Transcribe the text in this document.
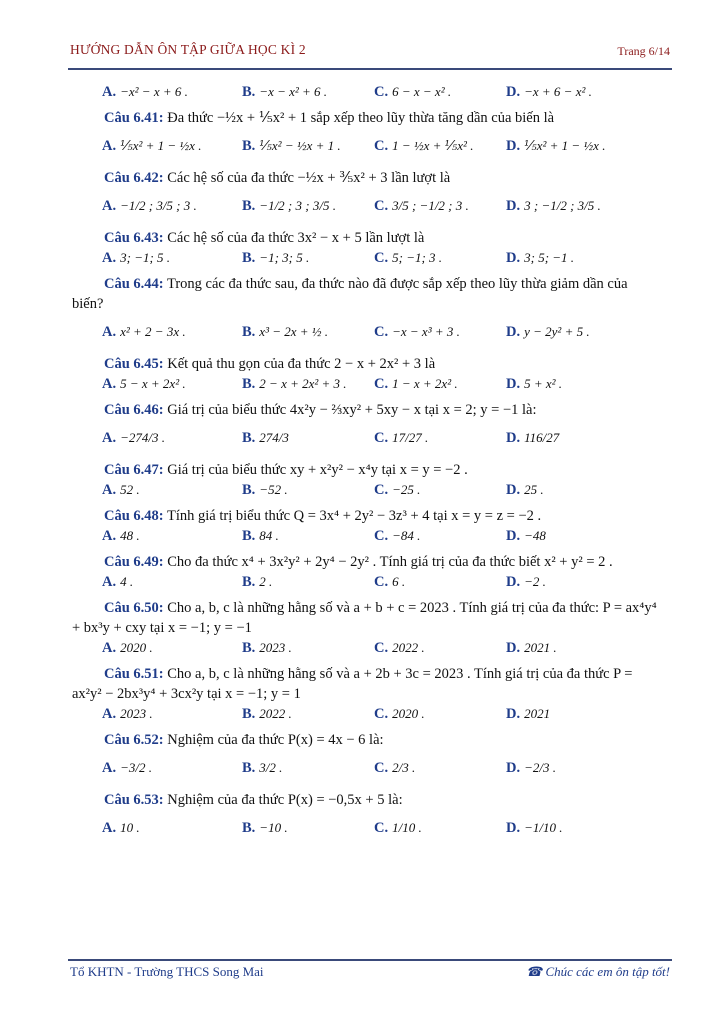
HƯỚNG DẪN ÔN TẬP GIỮA HỌC KÌ 2	Trang 6/14
A. −x² − x + 6 .	B. −x − x² + 6 .	C. 6 − x − x² .	D. −x + 6 − x² .

Câu 6.41: Đa thức −½x + ⅕x² + 1 sắp xếp theo lũy thừa tăng dần của biến là

A. ⅕x² + 1 − ½x .	B. ⅕x² − ½x + 1 . C. 1 − ½x + ⅕x² . D. ⅕x² + 1 − ½x .

Câu 6.42: Các hệ số của đa thức −½x + ⅗x² + 3 lần lượt là

A. −1/2 ; 3/5 ; 3 .	B. −1/2 ; 3 ; 3/5 .	C. 3/5 ; −1/2 ; 3 .	D. 3 ; −1/2 ; 3/5 .

Câu 6.43: Các hệ số của đa thức 3x² − x + 5 lần lượt là

A. 3; −1; 5 .	B. −1; 3; 5 .	C. 5; −1; 3 .	D. 3; 5; −1 .

Câu 6.44: Trong các đa thức sau, đa thức nào đã được sắp xếp theo lũy thừa giảm dần của biến?

A. x² + 2 − 3x .	B. x³ − 2x + ½ .	C. −x − x³ + 3 .	D. y − 2y² + 5 .

Câu 6.45: Kết quả thu gọn của đa thức 2 − x + 2x² + 3 là

A. 5 − x + 2x² .	B. 2 − x + 2x² + 3 . C. 1 − x + 2x² .	D. 5 + x² .

Câu 6.46: Giá trị của biểu thức 4x²y − ⅔xy² + 5xy − x tại x = 2; y = −1 là:

A. −274/3 .	B. 274/3	C. 17/27 .	D. 116/27

Câu 6.47: Giá trị của biểu thức xy + x²y² − x⁴y tại x = y = −2 .

A. 52 .	B. −52 .	C. −25 .	D. 25 .

Câu 6.48: Tính giá trị biểu thức Q = 3x⁴ + 2y² − 3z³ + 4 tại x = y = z = −2 .

A. 48 .	B. 84 .	C. −84 .	D. −48

Câu 6.49: Cho đa thức x⁴ + 3x²y² + 2y⁴ − 2y² . Tính giá trị của đa thức biết x² + y² = 2 .

A. 4 .	B. 2 .	C. 6 .	D. −2 .

Câu 6.50: Cho a, b, c là những hằng số và a + b + c = 2023 . Tính giá trị của đa thức: P = ax⁴y⁴ + bx³y + cxy tại x = −1; y = −1

A. 2020 .	B. 2023 .	C. 2022 .	D. 2021 .

Câu 6.51: Cho a, b, c là những hằng số và a + 2b + 3c = 2023 . Tính giá trị của đa thức P = ax²y² − 2bx³y⁴ + 3cx²y tại x = −1; y = 1

A. 2023 .	B. 2022 .	C. 2020 .	D. 2021

Câu 6.52: Nghiệm của đa thức P(x) = 4x − 6 là:

A. −3/2 .	B. 3/2 .	C. 2/3 .	D. −2/3 .

Câu 6.53: Nghiệm của đa thức P(x) = −0,5x + 5 là:

A. 10 .	B. −10 .	C. 1/10 .	D. −1/10 .
Tổ KHTN - Trường THCS Song Mai	☎ Chúc các em ôn tập tốt!
